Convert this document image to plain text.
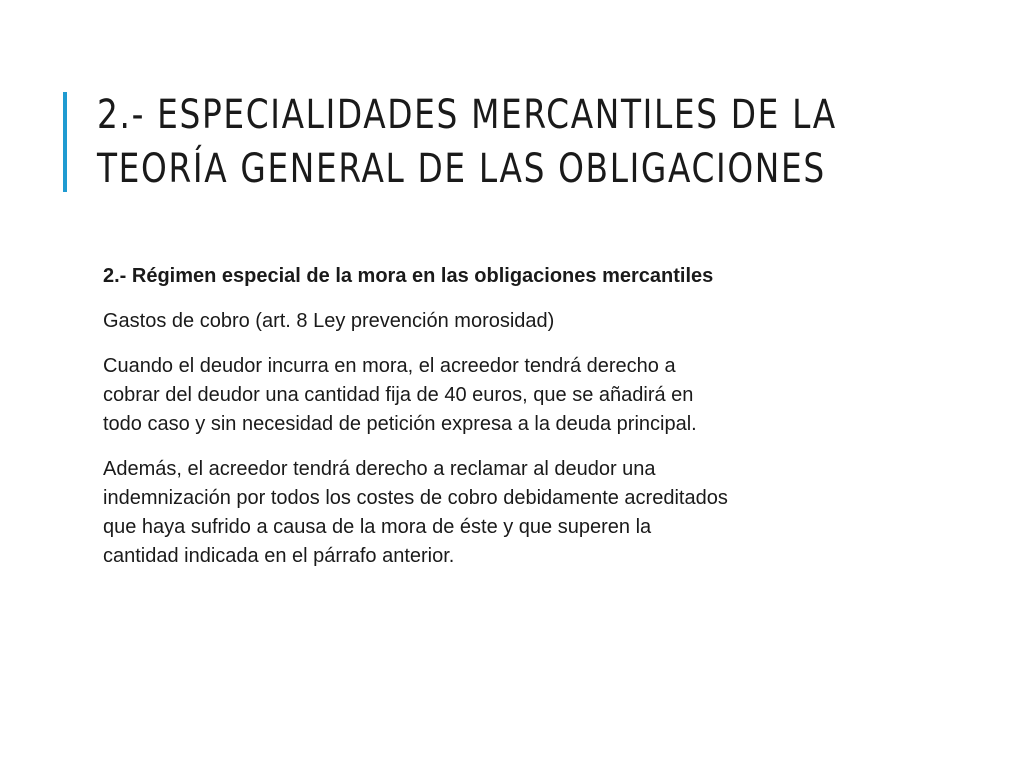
2.- ESPECIALIDADES MERCANTILES DE LA
TEORÍA GENERAL DE LAS OBLIGACIONES

2.- Régimen especial de la mora en las obligaciones mercantiles

Gastos de cobro (art. 8 Ley prevención morosidad)

Cuando el deudor incurra en mora, el acreedor tendrá derecho a
cobrar del deudor una cantidad fija de 40 euros, que se añadirá en
todo caso y sin necesidad de petición expresa a la deuda principal.

Además, el acreedor tendrá derecho a reclamar al deudor una
indemnización por todos los costes de cobro debidamente acreditados
que haya sufrido a causa de la mora de éste y que superen la
cantidad indicada en el párrafo anterior.
